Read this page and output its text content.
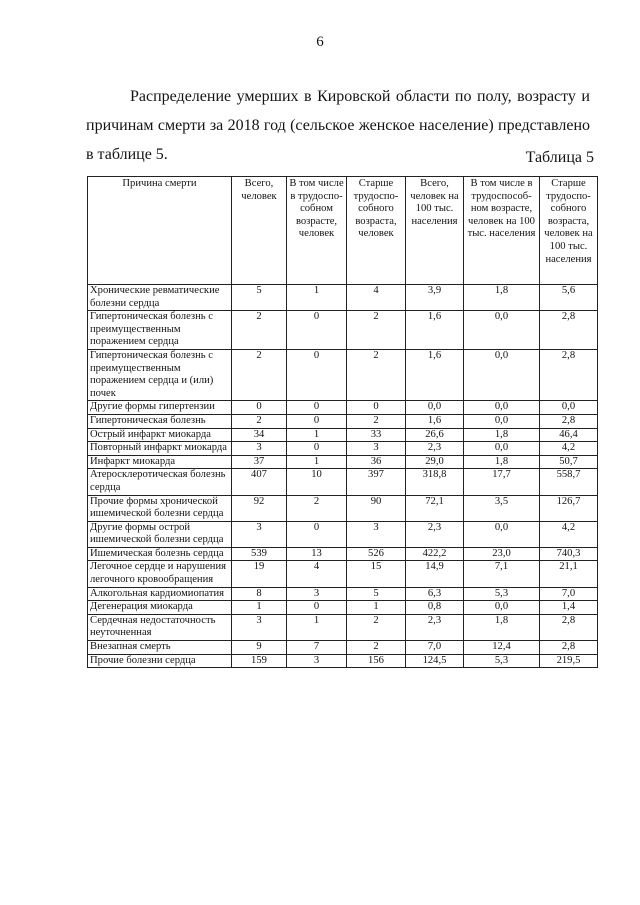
6

Распределение умерших в Кировской области по полу, возрасту и причинам смерти за 2018 год (сельское женское население) представлено в таблице 5.	Таблица 5
Причина смерти	Всего, человек	В том числе в трудоспо-собном возрасте, человек	Старше трудоспо-собного возраста, человек	Всего, человек на 100 тыс. населения	В том числе в трудоспособ-ном возрасте, человек на 100 тыс. населения	Старше трудоспо-собного возраста, человек на 100 тыс. населения
Хронические ревматические болезни сердца	5	1	4	3,9	1,8	5,6
Гипертоническая болезнь с преимущественным поражением сердца	2	0	2	1,6	0,0	2,8
Гипертоническая болезнь с преимущественным поражением сердца и (или) почек	2	0	2	1,6	0,0	2,8
Другие формы гипертензии	0	0	0	0,0	0,0	0,0
Гипертоническая болезнь	2	0	2	1,6	0,0	2,8
Острый инфаркт миокарда	34	1	33	26,6	1,8	46,4
Повторный инфаркт миокарда	3	0	3	2,3	0,0	4,2
Инфаркт миокарда	37	1	36	29,0	1,8	50,7
Атеросклеротическая болезнь сердца	407	10	397	318,8	17,7	558,7
Прочие формы хронической ишемической болезни сердца	92	2	90	72,1	3,5	126,7
Другие формы острой ишемической болезни сердца	3	0	3	2,3	0,0	4,2
Ишемическая болезнь сердца	539	13	526	422,2	23,0	740,3
Легочное сердце и нарушения легочного кровообращения	19	4	15	14,9	7,1	21,1
Алкогольная кардиомиопатия	8	3	5	6,3	5,3	7,0
Дегенерация миокарда	1	0	1	0,8	0,0	1,4
Сердечная недостаточность неуточненная	3	1	2	2,3	1,8	2,8
Внезапная смерть	9	7	2	7,0	12,4	2,8
Прочие болезни сердца	159	3	156	124,5	5,3	219,5
